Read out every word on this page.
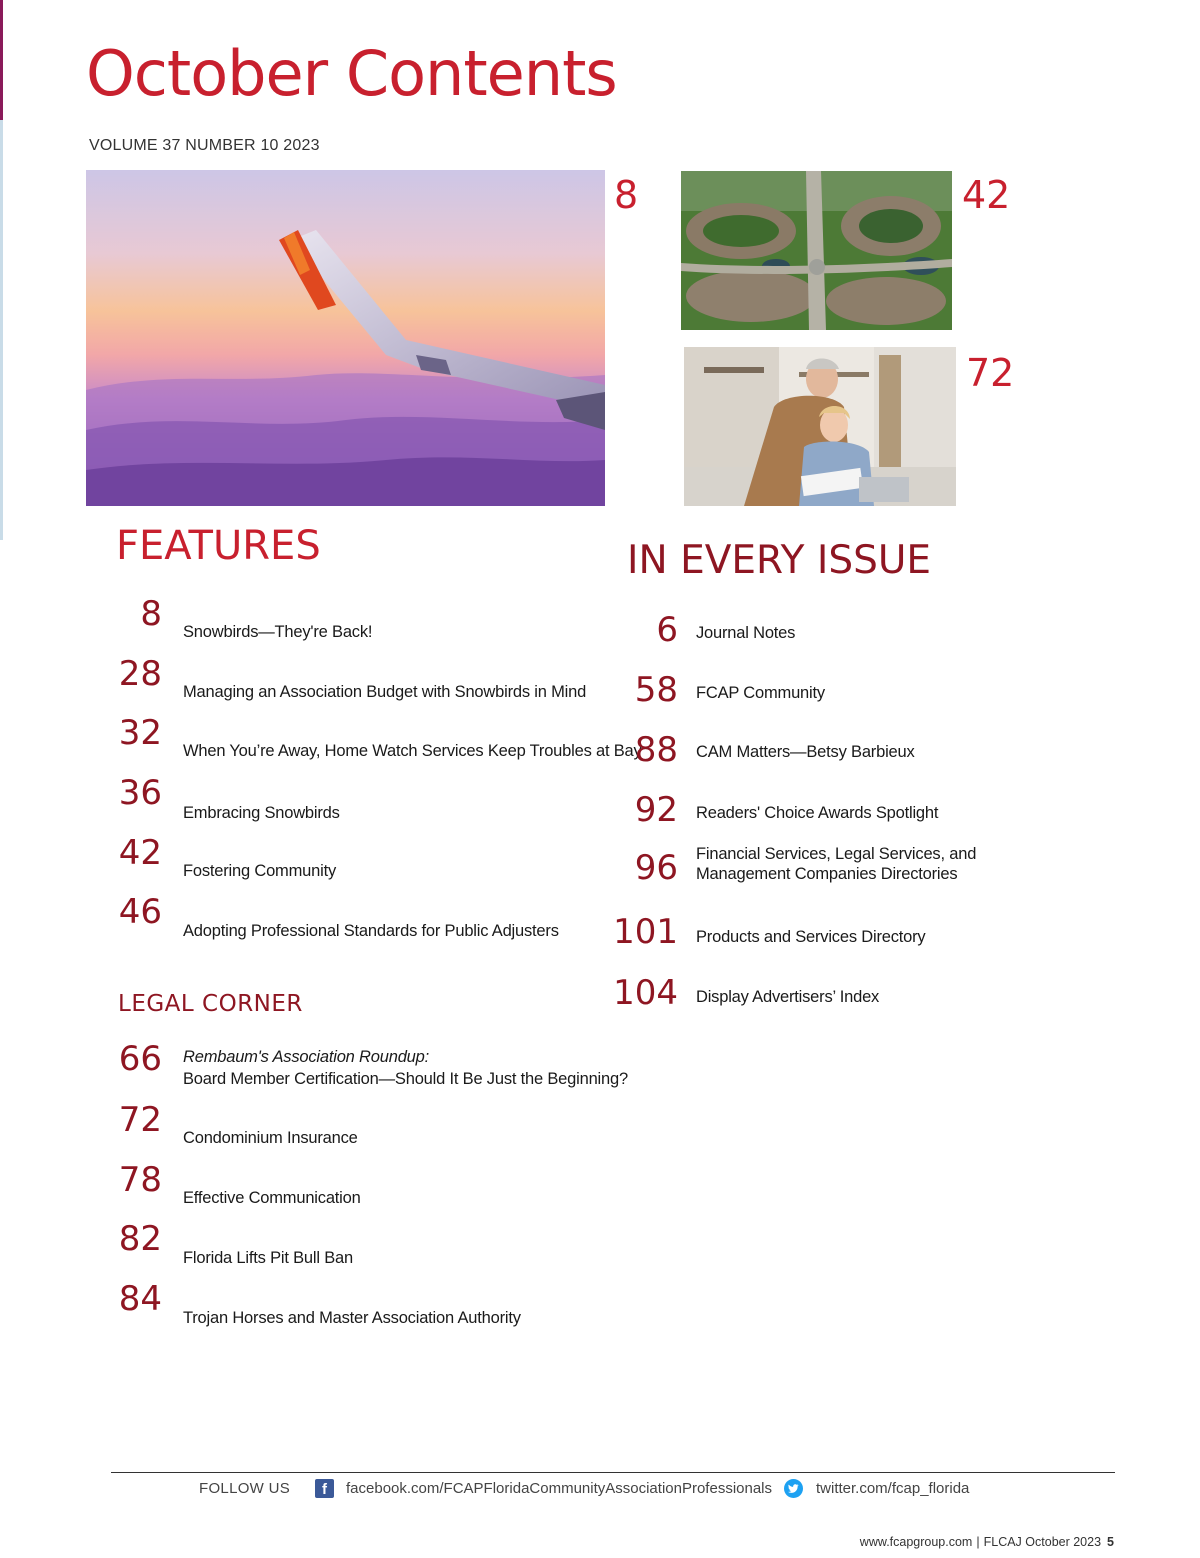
October Contents
VOLUME 37 NUMBER 10 2023
8	42
72
FEATURES
8 Snowbirds—They're Back!
28 Managing an Association Budget with Snowbirds in Mind
32 When You’re Away, Home Watch Services Keep Troubles at Bay
36 Embracing Snowbirds
42 Fostering Community
46 Adopting Professional Standards for Public Adjusters
LEGAL CORNER
66 Rembaum's Association Roundup:
Board Member Certification—Should It Be Just the Beginning?
72 Condominium Insurance
78 Effective Communication
82 Florida Lifts Pit Bull Ban
84 Trojan Horses and Master Association Authority
IN EVERY ISSUE
6 Journal Notes
58 FCAP Community
88 CAM Matters—Betsy Barbieux
92 Readers' Choice Awards Spotlight
96 Financial Services, Legal Services, and
Management Companies Directories
101 Products and Services Directory
104 Display Advertisers’ Index
FOLLOW US	f	facebook.com/FCAPFloridaCommunityAssociationProfessionals	twitter.com/fcap_florida
www.fcapgroup.com | FLCAJ October 2023 5
